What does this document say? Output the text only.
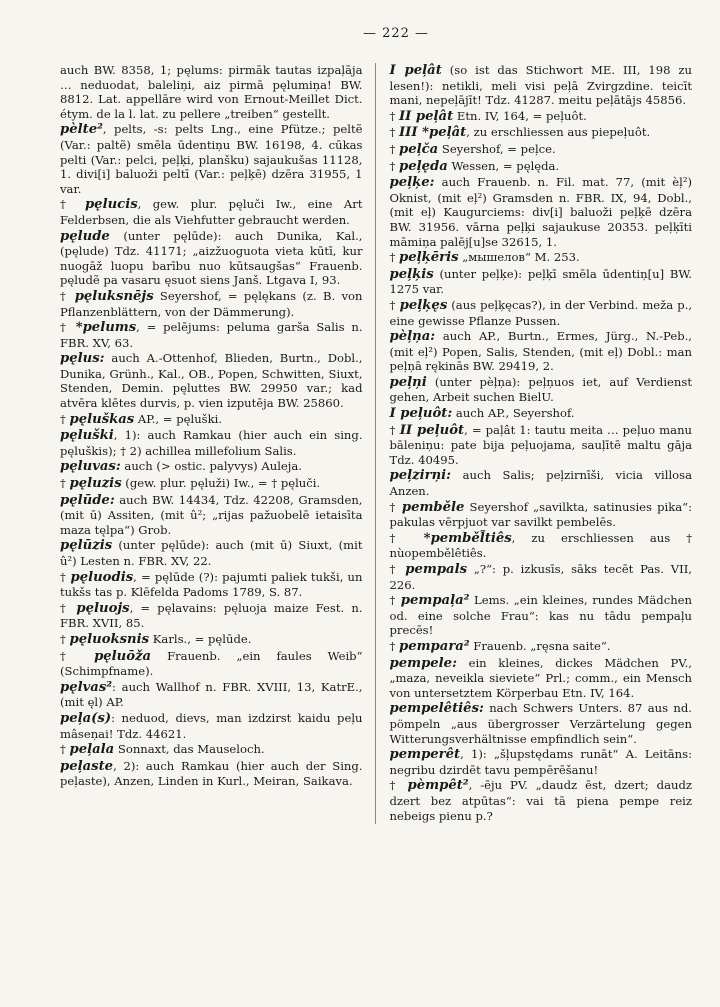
— 222 —

auch BW. 8358, 1; pęlums: pirmāk tautas izpaļāja … neduodat, baleliņi, aiz pirmā pęlumiņa! BW. 8812. Lat. appellāre wird von Ernout-Meillet Dict. étym. de la l. lat. zu pellere „treiben“ gestellt.

pèlte², pelts, -s: pelts Lng., eine Pfütze.; peltẽ (Var.: paltẽ) smēla ūdentiņu BW. 16198, 4. cūkas pelti (Var.: pelci, peļķi, planšku) sajaukušas 11128, 1. divi[i] baluoži peltī (Var.: peļķē) dzēra 31955, 1 var.

† pęlucis, gew. plur. pęluči Iw., eine Art Felderbsen, die als Viehfutter gebraucht werden.

pęlude (unter pęlūde): auch Dunika, Kal., (pęlude) Tdz. 41171; „aizžuoguota vieta kūtī, kur nuogāž luopu barību nuo kūtsaugšas“ Frauenb. pęludẽ pa vasaru ęsuot siens Janš. Ltgava I, 93.

† pęluksnējs Seyershof, = pęlękans (z. B. von Pflanzenblättern, von der Dämmerung).

† *pelums, = pelējums: peluma garša Salis n. FBR. XV, 63.

pęlus: auch A.-Ottenhof, Blieden, Burtn., Dobl., Dunika, Grünh., Kal., OB., Popen, Schwitten, Siuxt, Stenden, Demin. pęluttes BW. 29950 var.; kad atvēra klētes durvis, p. vien izputēja BW. 25860.

† pęluškas AP., = pęluški.

pęluški, 1): auch Ramkau (hier auch ein sing. pęluškis); † 2) achillea millefolium Salis.

pęluvas: auch (> ostic. palyvys) Auleja.

† pęluzis (gew. plur. pęluži) Iw., = † pęluči.

pęlūde: auch BW. 14434, Tdz. 42208, Gramsden, (mit ū) Assiten, (mit û²; „rijas pažuobelē ietaisīta maza tęlpa“) Grob.

pęlūzis (unter pęlūde): auch (mit ū) Siuxt, (mit û²) Lesten n. FBR. XV, 22.

† pęluodis, = pęlūde (?): pajumti paliek tukši, un tukšs tas p. Klēfelda Padoms 1789, S. 87.

† pęluojs, = pęlavains: pęluoja maize Fest. n. FBR. XVII, 85.

† pęluoksnis Karls., = pęlūde.

† pęluōža Frauenb. „ein faules Weib“ (Schimpfname).

pęlvas²: auch Wallhof n. FBR. XVIII, 13, KatrE., (mit ęl) AP.

peļa(s): neduod, dievs, man izdzirst kaidu peļu mâseņai! Tdz. 44621.

† peļala Sonnaxt, das Mauseloch.

peļaste, 2): auch Ramkau (hier auch der Sing. peļaste), Anzen, Linden in Kurl., Meiran, Saikava.

I peļât (so ist das Stichwort ME. III, 198 zu lesen!): netikli, meli visi peļā Zvirgzdine. teicīt mani, nepeļājīt! Tdz. 41287. meitu peļātājs 45856.

† II peļât Etn. IV, 164, = peļuôt.

† III *peļât, zu erschliessen aus piepeļuôt.

† peļča Seyershof, = peļce.

† peļęda Wessen, = pęlęda.

peļķe: auch Frauenb. n. Fil. mat. 77, (mit èļ²) Oknist, (mit eļ²) Gramsden n. FBR. IX, 94, Dobl., (mit eļ) Kaugurciems: div[i] baluoži peļķē dzēra BW. 31956. vārna peļķi sajaukuse 20353. peļķīti māmiņa palēj[u]se 32615, 1.

† peļķēris „мышелов“ M. 253.

peļķis (unter peļķe): peļķī smēla ūdentiņ[u] BW. 1275 var.

† peļķęs (aus peļķęcas?), in der Verbind. meža p., eine gewisse Pflanze Pussen.

pèļņa: auch AP., Burtn., Ermes, Jürg., N.-Peb., (mit eļ²) Popen, Salis, Stenden, (mit eļ) Dobl.: man peļņā rękinās BW. 29419, 2.

peļņi (unter pèļņa): peļņuos iet, auf Verdienst gehen, Arbeit suchen BielU.

I peļuôt: auch AP., Seyershof.

† II peļuôt, = paļât 1: tautu meita … peļuo manu bāleniņu: pate bija peļuojama, sauļītē maltu gāja Tdz. 40495.

peļzirņi: auch Salis; peļzirnīši, vicia villosa Anzen.

† pemběle Seyershof „savilkta, satinusies pika“: pakulas vērpjuot var savilkt pembelēs.

† *pemběl̃tiês, zu erschliessen aus † nùopembělêtiês.

† pempals „?“: p. izkusīs, sāks tecēt Pas. VII, 226.

† pempaļa² Lems. „ein kleines, rundes Mädchen od. eine solche Frau“: kas nu tādu pempaļu precēs!

† pempara² Frauenb. „ręsna saite“.

pempele: ein kleines, dickes Mädchen PV., „maza, neveikla sieviete“ Prl.; comm., ein Mensch von untersetztem Körperbau Etn. IV, 164.

pempelêtiês: nach Schwers Unters. 87 aus nd. pömpeln „aus übergrosser Verzärtelung gegen Witterungsverhältnisse empfindlich sein“.

pemperêt, 1): „šļupstędams runāt“ A. Leitāns: negribu dzirdēt tavu pempērēšanu!

† pèmpêt², -ēju PV. „daudz ēst, dzert; daudz dzert bez atpūtas“: vai tā piena pempe reiz nebeigs pienu p.?
